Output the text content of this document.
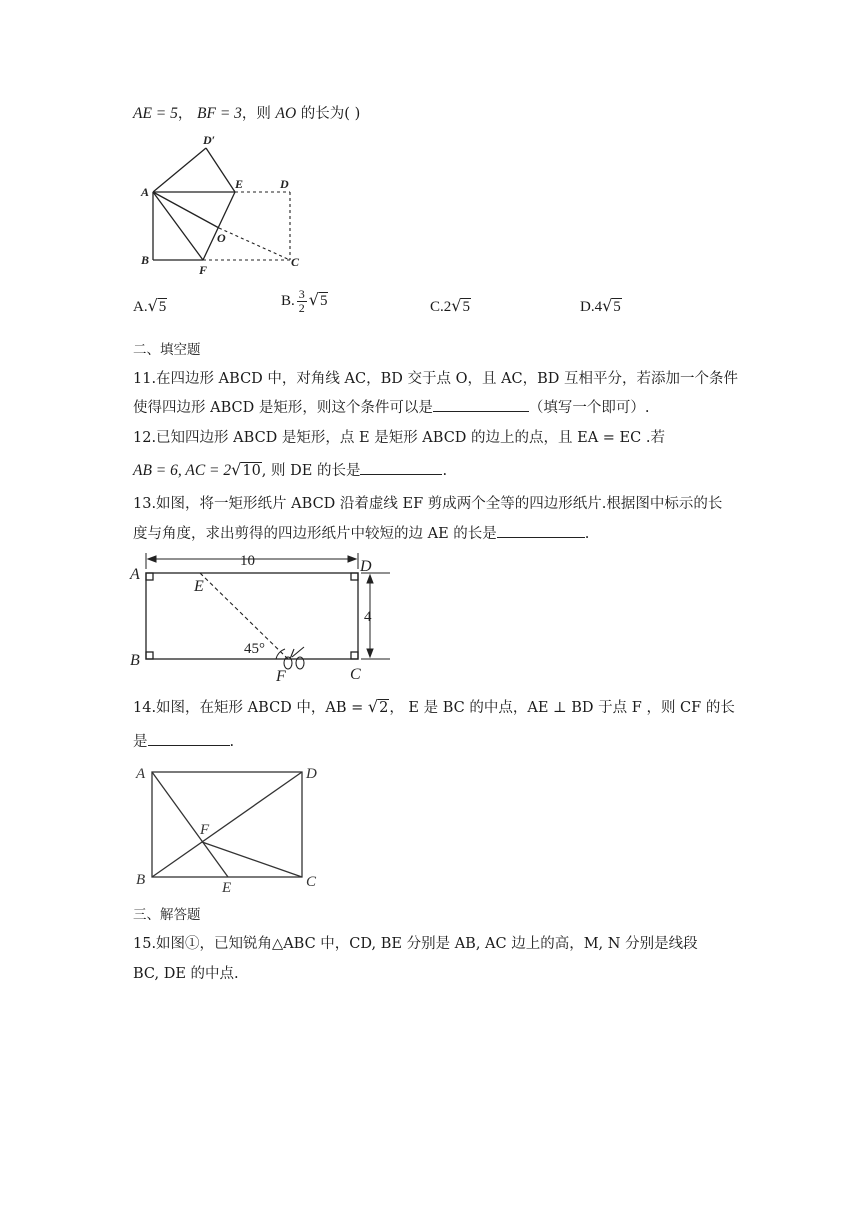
AE = 5， BF = 3，则 AO 的长为( )
D′
A
E	D
O
B
F
C
A.√5	B. $\frac{3}{2} √5$	C.2√5	D.4√5
二、填空题
11.在四边形 ABCD 中，对角线 AC，BD 交于点 O，且 AC，BD 互相平分，若添加一个条件
使得四边形 ABCD 是矩形，则这个条件可以是	（填写一个即可）.
12.已知四边形 ABCD 是矩形，点 E 是矩形 ABCD 的边上的点，且 EA = EC .若
AB = 6, AC = 2√10, 则 DE 的长是	.
13.如图，将一矩形纸片 ABCD 沿着虚线 EF 剪成两个全等的四边形纸片.根据图中标示的长
度与角度，求出剪得的四边形纸片中较短的边 AE 的长是	.
A
E
D
B
F	C
10
4
45°
14.如图，在矩形 ABCD 中，AB = √2， E 是 BC 的中点，AE ⊥ BD 于点 F ，则 CF 的长
是	.
A	D
F
B	E	C
三、解答题
15.如图①，已知锐角△ABC 中，CD, BE 分别是 AB, AC 边上的高，M, N 分别是线段
BC, DE 的中点.
